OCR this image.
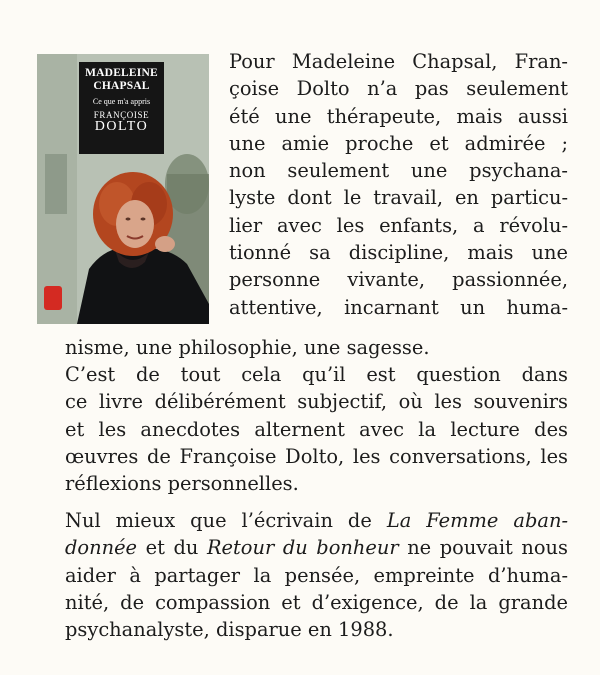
MADELEINE CHAPSAL
Ce que m'a appris
FRANÇOISE
DOLTO
Pour Madeleine Chapsal, Fran-
çoise Dolto n’a pas seulement
été une thérapeute, mais aussi
une amie proche et admirée ;
non seulement une psychana-
lyste dont le travail, en particu-
lier avec les enfants, a révolu-
tionné sa discipline, mais une
personne vivante, passionnée,
attentive, incarnant un huma-
nisme, une philosophie, une sagesse.
C’est de tout cela qu’il est question dans
ce livre délibérément subjectif, où les souvenirs
et les anecdotes alternent avec la lecture des
œuvres de Françoise Dolto, les conversations, les
réflexions personnelles.
Nul mieux que l’écrivain de La Femme aban-
donnée et du Retour du bonheur ne pouvait nous
aider à partager la pensée, empreinte d’huma-
nité, de compassion et d’exigence, de la grande
psychanalyste, disparue en 1988.
